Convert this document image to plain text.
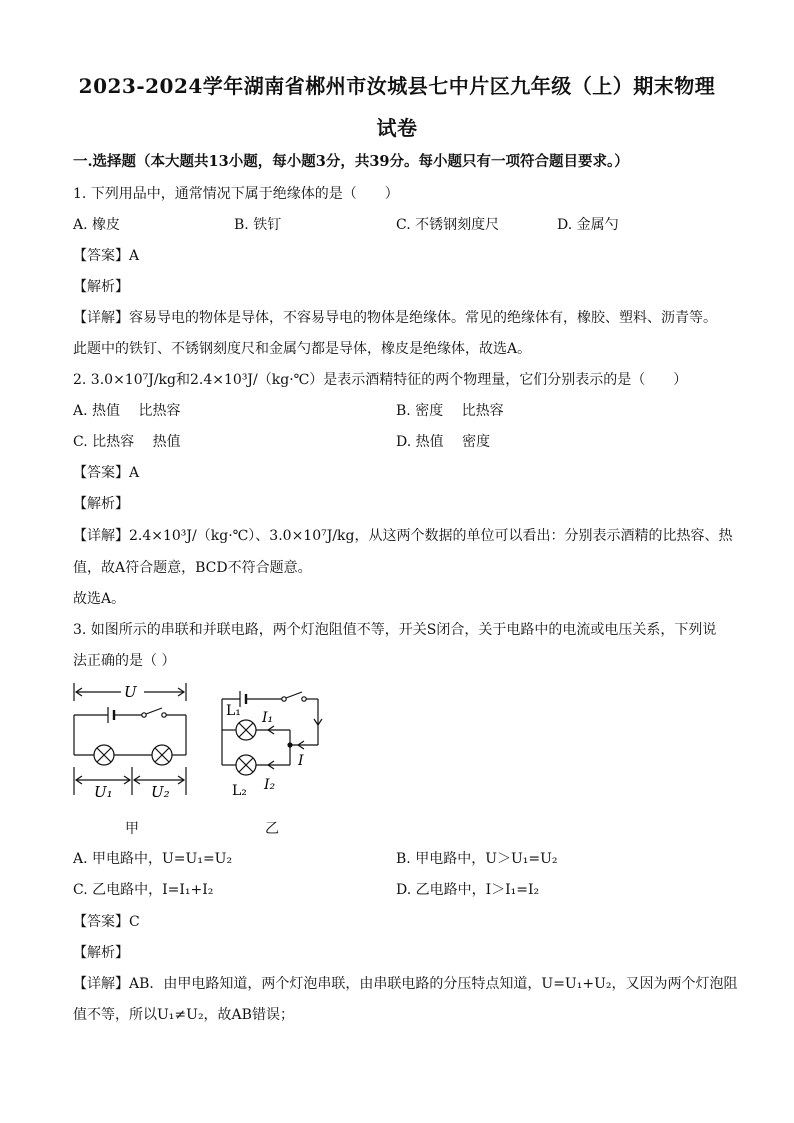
2023-2024学年湖南省郴州市汝城县七中片区九年级（上）期末物理
试卷
一.选择题（本大题共13小题，每小题3分，共39分。每小题只有一项符合题目要求。）
1. 下列用品中，通常情况下属于绝缘体的是（　　）
A. 橡皮	B. 铁钉	C. 不锈钢刻度尺	D. 金属勺
【答案】A
【解析】
【详解】容易导电的物体是导体，不容易导电的物体是绝缘体。常见的绝缘体有，橡胶、塑料、沥青等。
此题中的铁钉、不锈钢刻度尺和金属勺都是导体，橡皮是绝缘体，故选A。
2. 3.0×10⁷J/kg和2.4×10³J/（kg·℃）是表示酒精特征的两个物理量，它们分别表示的是（　　）
A. 热值　 比热容	B. 密度　 比热容
C. 比热容　 热值	D. 热值　 密度
【答案】A
【解析】
【详解】2.4×10³J/（kg·℃）、3.0×10⁷J/kg，从这两个数据的单位可以看出：分别表示酒精的比热容、热
值，故A符合题意，BCD不符合题意。
故选A。
3. 如图所示的串联和并联电路，两个灯泡阻值不等，开关S闭合，关于电路中的电流或电压关系，下列说
法正确的是（ ）
U
U₁	U₂
L₁ I₁
I
L₂ I₂
甲	乙
A. 甲电路中，U=U₁=U₂	B. 甲电路中，U＞U₁=U₂
C. 乙电路中，I=I₁+I₂	D. 乙电路中，I＞I₁=I₂
【答案】C
【解析】
【详解】AB．由甲电路知道，两个灯泡串联，由串联电路的分压特点知道，U=U₁+U₂，又因为两个灯泡阻
值不等，所以U₁≠U₂，故AB错误；
